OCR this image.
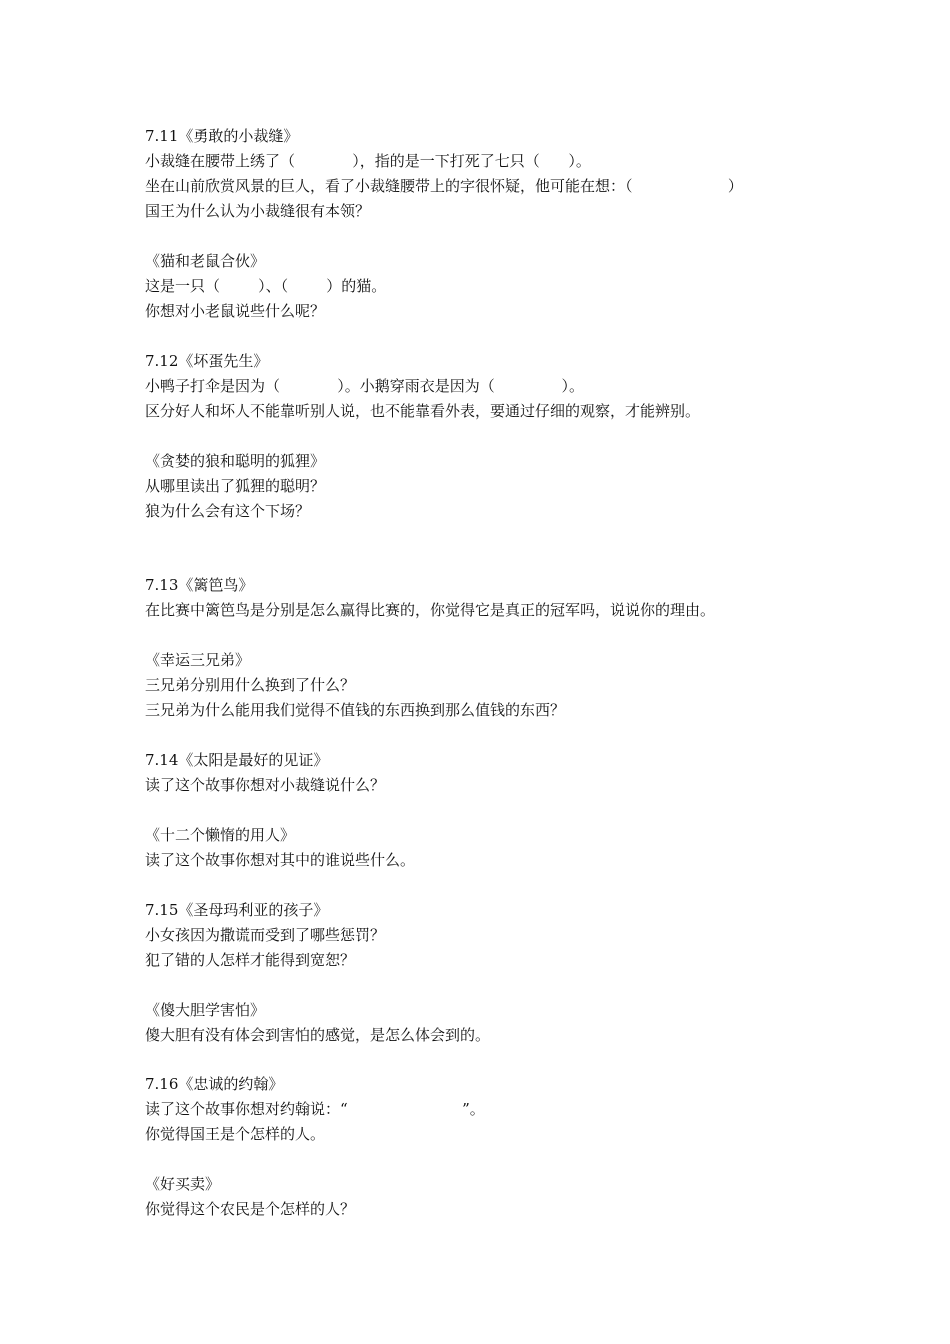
7.11《勇敢的小裁缝》
小裁缝在腰带上绣了（            ），指的是一下打死了七只（      ）。
坐在山前欣赏风景的巨人，看了小裁缝腰带上的字很怀疑，他可能在想：（                    ）
国王为什么认为小裁缝很有本领？
《猫和老鼠合伙》
这是一只（        ）、（        ）的猫。
你想对小老鼠说些什么呢？
7.12《坏蛋先生》
小鸭子打伞是因为（            ）。小鹅穿雨衣是因为（              ）。
区分好人和坏人不能靠听别人说，也不能靠看外表，要通过仔细的观察，才能辨别。
《贪婪的狼和聪明的狐狸》
从哪里读出了狐狸的聪明？
狼为什么会有这个下场？
7.13《篱笆鸟》
在比赛中篱笆鸟是分别是怎么赢得比赛的，你觉得它是真正的冠军吗，说说你的理由。
《幸运三兄弟》
三兄弟分别用什么换到了什么？
三兄弟为什么能用我们觉得不值钱的东西换到那么值钱的东西？
7.14《太阳是最好的见证》
读了这个故事你想对小裁缝说什么？
《十二个懒惰的用人》
读了这个故事你想对其中的谁说些什么。
7.15《圣母玛利亚的孩子》
小女孩因为撒谎而受到了哪些惩罚？
犯了错的人怎样才能得到宽恕？
《傻大胆学害怕》
傻大胆有没有体会到害怕的感觉，是怎么体会到的。
7.16《忠诚的约翰》
读了这个故事你想对约翰说：“                        ”。
你觉得国王是个怎样的人。
《好买卖》
你觉得这个农民是个怎样的人？
